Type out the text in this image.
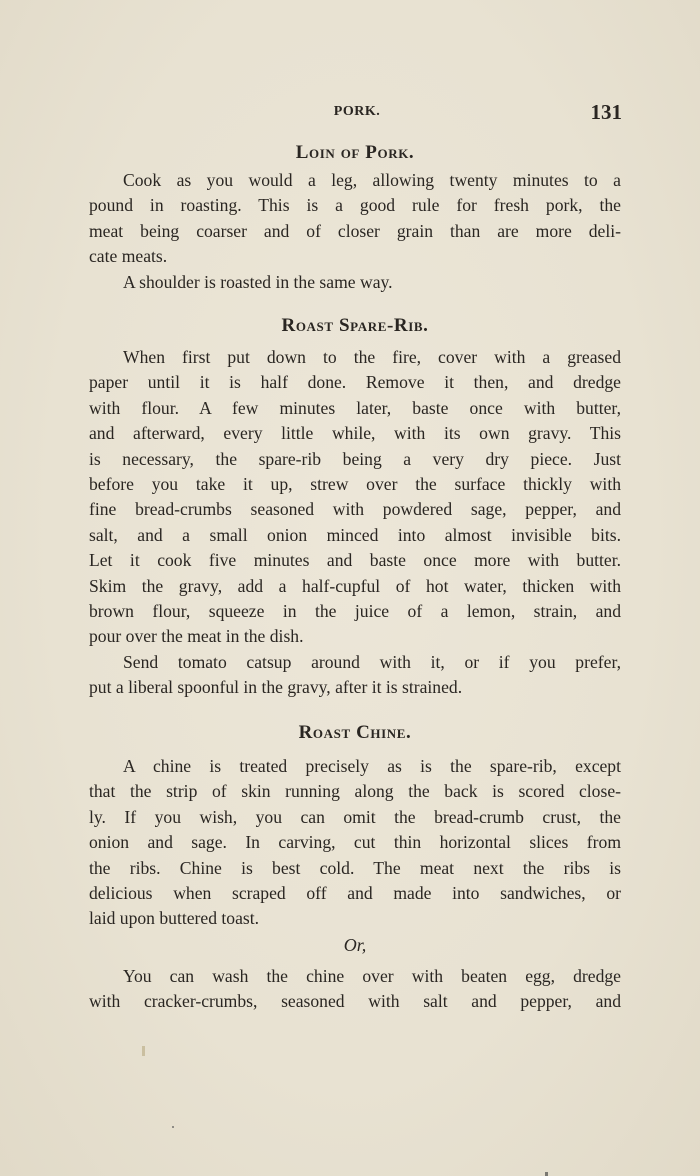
PORK.	131
Loin of Pork.

Cook as you would a leg, allowing twenty minutes to a
pound in roasting. This is a good rule for fresh pork, the
meat being coarser and of closer grain than are more deli-
cate meats.

A shoulder is roasted in the same way.

Roast Spare-Rib.

When first put down to the fire, cover with a greased
paper until it is half done. Remove it then, and dredge
with flour. A few minutes later, baste once with butter,
and afterward, every little while, with its own gravy. This
is necessary, the spare-rib being a very dry piece. Just
before you take it up, strew over the surface thickly with
fine bread-crumbs seasoned with powdered sage, pepper, and
salt, and a small onion minced into almost invisible bits.
Let it cook five minutes and baste once more with butter.
Skim the gravy, add a half-cupful of hot water, thicken with
brown flour, squeeze in the juice of a lemon, strain, and
pour over the meat in the dish.

Send tomato catsup around with it, or if you prefer,
put a liberal spoonful in the gravy, after it is strained.

Roast Chine.

A chine is treated precisely as is the spare-rib, except
that the strip of skin running along the back is scored close-
ly. If you wish, you can omit the bread-crumb crust, the
onion and sage. In carving, cut thin horizontal slices from
the ribs. Chine is best cold. The meat next the ribs is
delicious when scraped off and made into sandwiches, or
laid upon buttered toast.

Or,

You can wash the chine over with beaten egg, dredge
with cracker-crumbs, seasoned with salt and pepper, and
